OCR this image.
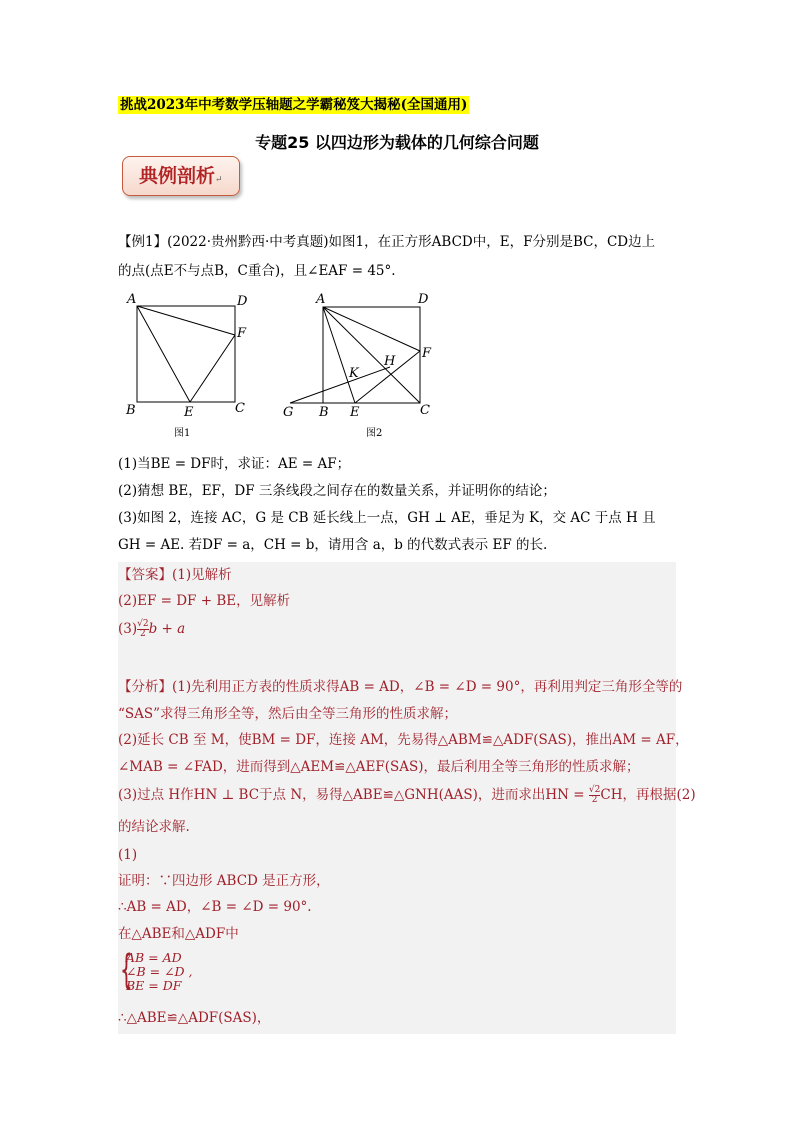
挑战2023年中考数学压轴题之学霸秘笈大揭秘(全国通用)
专题25 以四边形为载体的几何综合问题
典例剖析↵
【例1】(2022·贵州黔西·中考真题)如图1，在正方形ABCD中，E，F分别是BC，CD边上
的点(点E不与点B，C重合)，且∠EAF = 45°.
A	D
F
B	E	C
A	D
F
H
K
G B E	C
图1	图2
(1)当BE = DF时，求证：AE = AF；
(2)猜想 BE，EF，DF 三条线段之间存在的数量关系，并证明你的结论；
(3)如图 2，连接 AC，G 是 CB 延长线上一点，GH ⊥ AE，垂足为 K，交 AC 于点 H 且
GH = AE. 若DF = a，CH = b，请用含 a，b 的代数式表示 EF 的长.
【答案】(1)见解析
(2)EF = DF + BE，见解析
$(3) \frac{√2}{2}$ b + a
【分析】(1)先利用正方表的性质求得AB = AD，∠B = ∠D = 90°，再利用判定三角形全等的
“SAS”求得三角形全等，然后由全等三角形的性质求解；
(2)延长 CB 至 M，使BM = DF，连接 AM，先易得△ABM≌△ADF(SAS)，推出AM = AF，
∠MAB = ∠FAD，进而得到△AEM≌△AEF(SAS)，最后利用全等三角形的性质求解；
(3)过点 H作HN ⊥ BC于点 N，易得△ABE≌△GNH(AAS)，进而求出HN = $\frac{√2}{2}$ CH，再根据(2)
的结论求解.
(1)
证明：∵四边形 ABCD 是正方形，
∴AB = AD，∠B = ∠D = 90°.
在△ABE和△ADF中
{
AB = AD
∠B = ∠D ,
BE = DF
∴△ABE≌△ADF(SAS)，
